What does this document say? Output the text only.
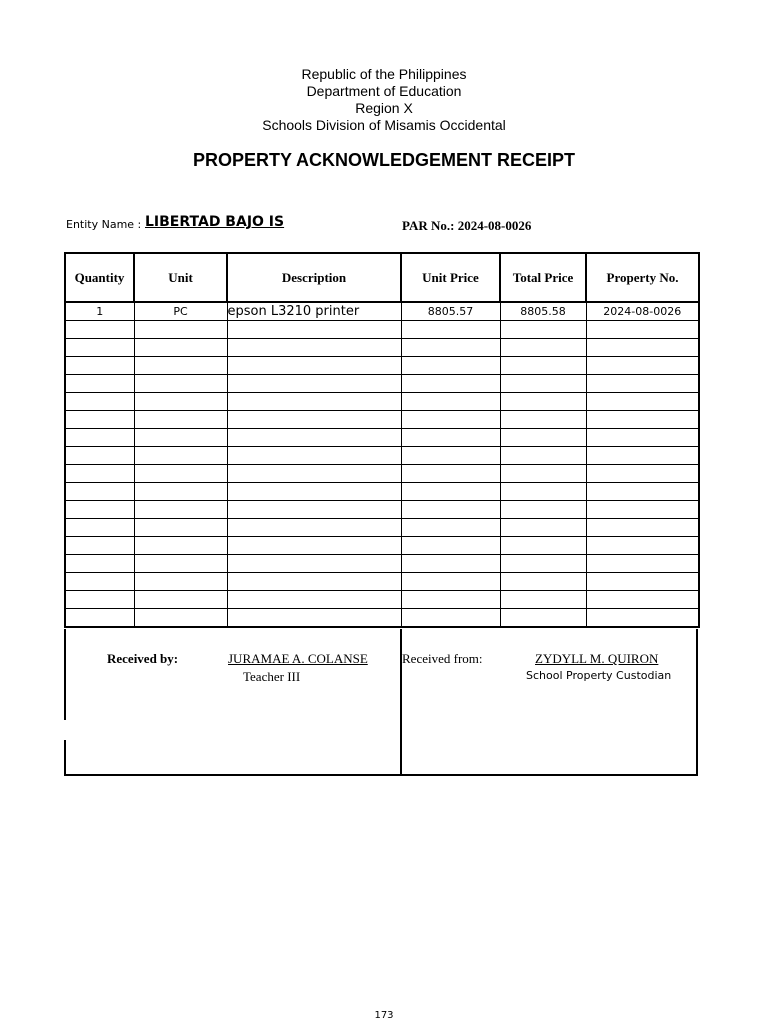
Republic of the Philippines
Department of Education
Region X
Schools Division of Misamis Occidental
PROPERTY ACKNOWLEDGEMENT RECEIPT
Entity Name : LIBERTAD BAJO IS	PAR No.: 2024-08-0026
Quantity	Unit	Description	Unit Price	Total Price	Property No.
1	PC	epson L3210 printer	8805.57	8805.58	2024-08-0026

Received by:	JURAMAE A. COLANSE
Teacher III
Received from:	ZYDYLL M. QUIRON
School Property Custodian
173
